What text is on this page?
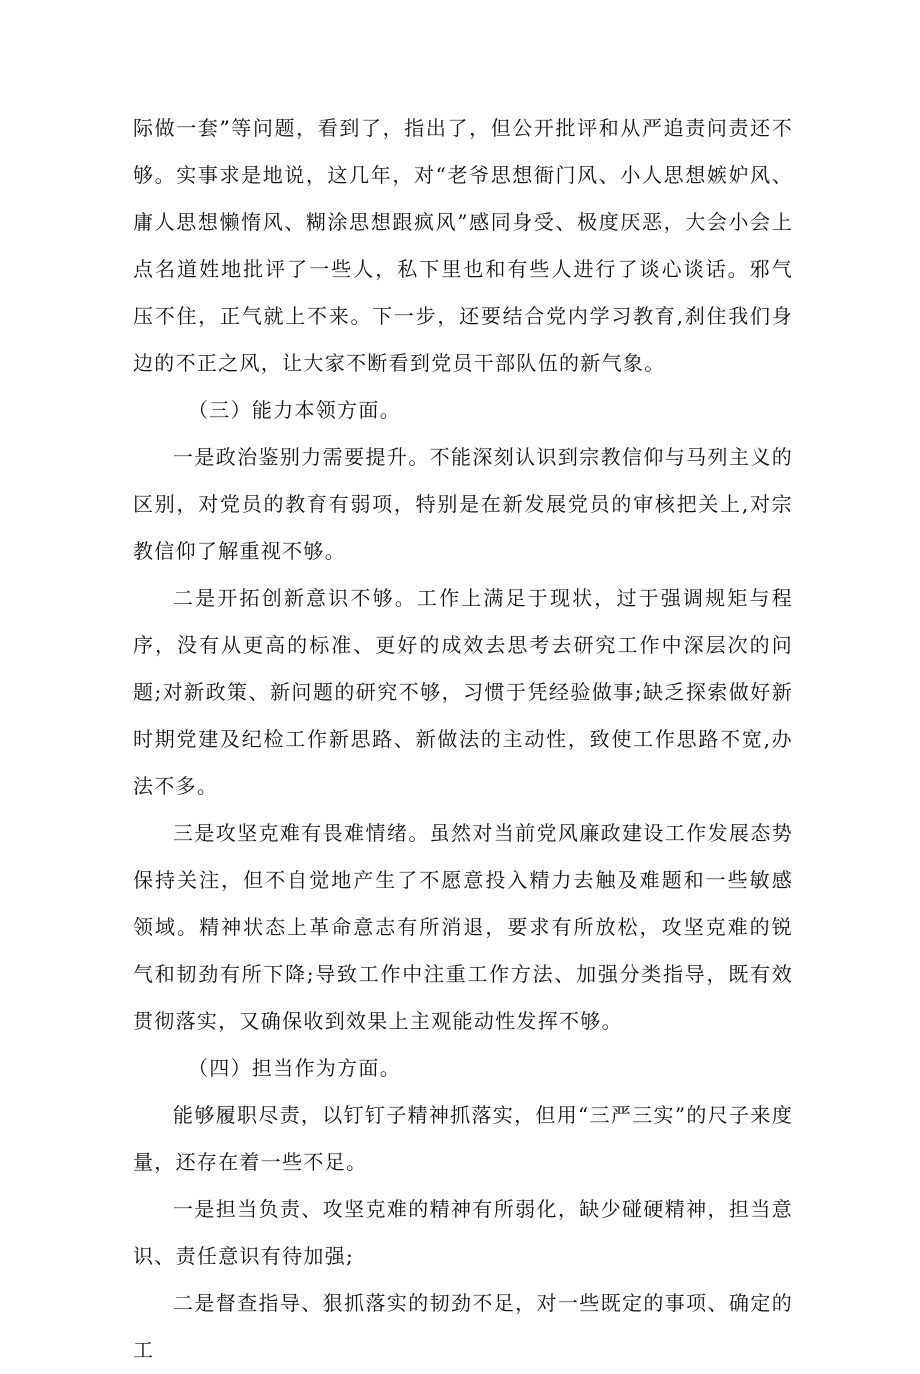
际做一套”等问题，看到了，指出了，但公开批评和从严追责问责还不够。实事求是地说，这几年，对“老爷思想衙门风、小人思想嫉妒风、庸人思想懒惰风、糊涂思想跟疯风”感同身受、极度厌恶，大会小会上点名道姓地批评了一些人，私下里也和有些人进行了谈心谈话。邪气压不住，正气就上不来。下一步，还要结合党内学习教育,刹住我们身边的不正之风，让大家不断看到党员干部队伍的新气象。

（三）能力本领方面。

一是政治鉴别力需要提升。不能深刻认识到宗教信仰与马列主义的区别，对党员的教育有弱项，特别是在新发展党员的审核把关上,对宗教信仰了解重视不够。

二是开拓创新意识不够。工作上满足于现状，过于强调规矩与程序，没有从更高的标准、更好的成效去思考去研究工作中深层次的问题;对新政策、新问题的研究不够，习惯于凭经验做事;缺乏探索做好新时期党建及纪检工作新思路、新做法的主动性，致使工作思路不宽,办法不多。

三是攻坚克难有畏难情绪。虽然对当前党风廉政建设工作发展态势保持关注，但不自觉地产生了不愿意投入精力去触及难题和一些敏感领域。精神状态上革命意志有所消退，要求有所放松，攻坚克难的锐气和韧劲有所下降;导致工作中注重工作方法、加强分类指导，既有效贯彻落实，又确保收到效果上主观能动性发挥不够。

（四）担当作为方面。

能够履职尽责，以钉钉子精神抓落实，但用“三严三实”的尺子来度量，还存在着一些不足。

一是担当负责、攻坚克难的精神有所弱化，缺少碰硬精神，担当意识、责任意识有待加强;

二是督查指导、狠抓落实的韧劲不足，对一些既定的事项、确定的工
